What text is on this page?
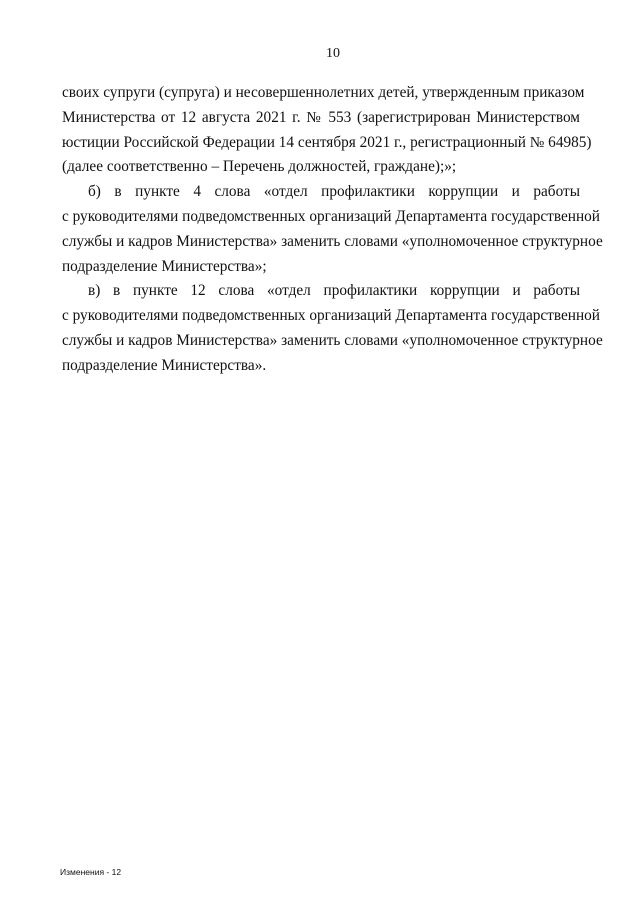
10
своих супруги (супруга) и несовершеннолетних детей, утвержденным приказом
Министерства от 12 августа 2021 г. № 553 (зарегистрирован Министерством
юстиции Российской Федерации 14 сентября 2021 г., регистрационный № 64985)
(далее соответственно – Перечень должностей, граждане);»;
б) в пункте 4 слова «отдел профилактики коррупции и работы
с руководителями подведомственных организаций Департамента государственной
службы и кадров Министерства» заменить словами «уполномоченное структурное
подразделение Министерства»;
в) в пункте 12 слова «отдел профилактики коррупции и работы
с руководителями подведомственных организаций Департамента государственной
службы и кадров Министерства» заменить словами «уполномоченное структурное
подразделение Министерства».
Изменения - 12
